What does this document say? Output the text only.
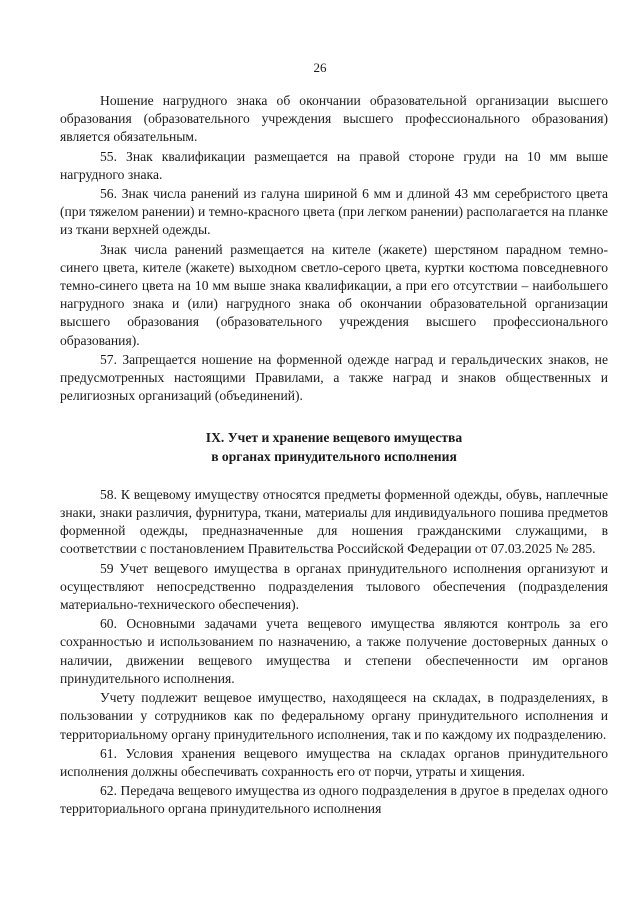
26

Ношение нагрудного знака об окончании образовательной организации высшего образования (образовательного учреждения высшего профессионального образования) является обязательным.

55. Знак квалификации размещается на правой стороне груди на 10 мм выше нагрудного знака.

56. Знак числа ранений из галуна шириной 6 мм и длиной 43 мм серебристого цвета (при тяжелом ранении) и темно-красного цвета (при легком ранении) располагается на планке из ткани верхней одежды.

Знак числа ранений размещается на кителе (жакете) шерстяном парадном темно-синего цвета, кителе (жакете) выходном светло-серого цвета, куртки костюма повседневного темно-синего цвета на 10 мм выше знака квалификации, а при его отсутствии – наибольшего нагрудного знака и (или) нагрудного знака об окончании образовательной организации высшего образования (образовательного учреждения высшего профессионального образования).

57. Запрещается ношение на форменной одежде наград и геральдических знаков, не предусмотренных настоящими Правилами, а также наград и знаков общественных и религиозных организаций (объединений).

IX. Учет и хранение вещевого имущества
в органах принудительного исполнения

58. К вещевому имуществу относятся предметы форменной одежды, обувь, наплечные знаки, знаки различия, фурнитура, ткани, материалы для индивидуального пошива предметов форменной одежды, предназначенные для ношения гражданскими служащими, в соответствии с постановлением Правительства Российской Федерации от 07.03.2025 № 285.

59 Учет вещевого имущества в органах принудительного исполнения организуют и осуществляют непосредственно подразделения тылового обеспечения (подразделения материально-технического обеспечения).

60. Основными задачами учета вещевого имущества являются контроль за его сохранностью и использованием по назначению, а также получение достоверных данных о наличии, движении вещевого имущества и степени обеспеченности им органов принудительного исполнения.

Учету подлежит вещевое имущество, находящееся на складах, в подразделениях, в пользовании у сотрудников как по федеральному органу принудительного исполнения и территориальному органу принудительного исполнения, так и по каждому их подразделению.

61. Условия хранения вещевого имущества на складах органов принудительного исполнения должны обеспечивать сохранность его от порчи, утраты и хищения.

62. Передача вещевого имущества из одного подразделения в другое в пределах одного территориального органа принудительного исполнения
